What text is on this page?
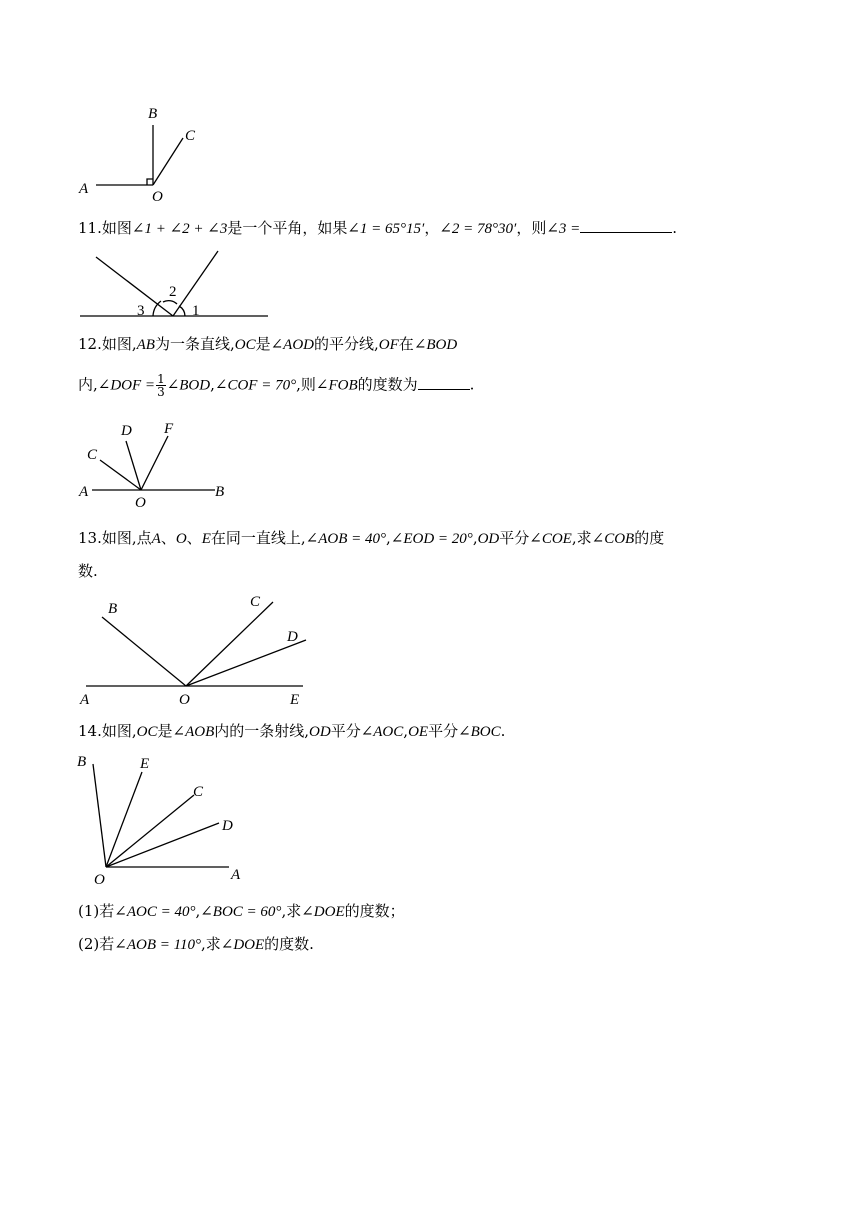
B
C
A	O
11.如图∠1 + ∠2 + ∠3是一个平角，如果∠1 = 65°15′，∠2 = 78°30′，则∠3 =	.
3
2
1
12.如图,AB为一条直线,OC是∠AOD的平分线,OF在∠BOD
内,∠DOF = $\frac{1}{3}$ ∠BOD,∠COF = 70°,则∠FOB的度数为	.
C
D F
A
O
B
13.如图,点A、O、E在同一直线上,∠AOB = 40°,∠EOD = 20°,OD平分∠COE,求∠COB的度
数.
B	C
D
A	O	E
14.如图,OC是∠AOB内的一条射线,OD平分∠AOC,OE平分∠BOC.
B	E
C
D
O	A
(1)若∠AOC = 40°,∠BOC = 60°,求∠DOE的度数；
(2)若∠AOB = 110°,求∠DOE的度数.
